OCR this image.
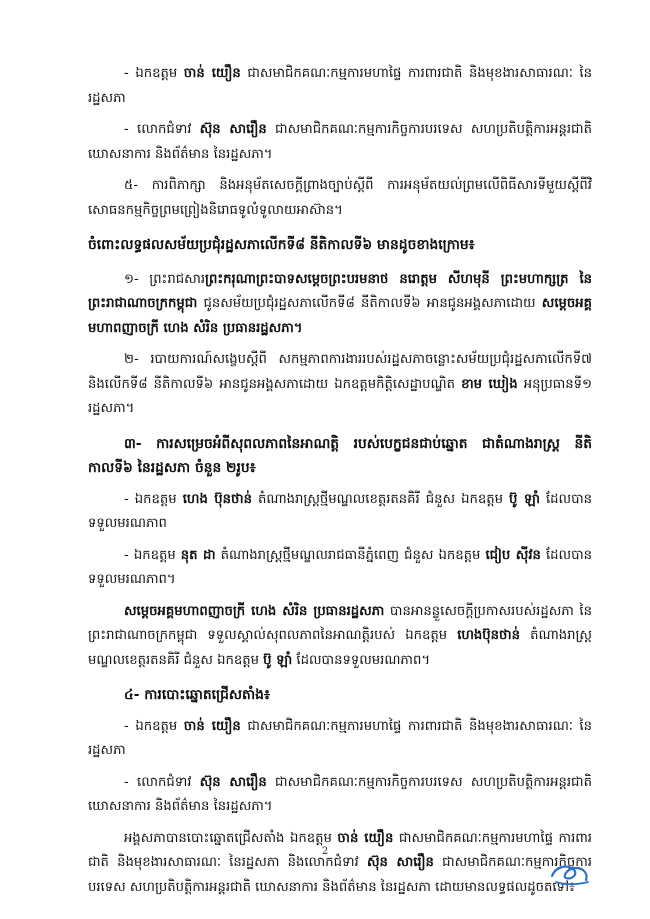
- ឯកឧត្តម ចាន់ យឿន ជាសមាជិកគណៈកម្មការមហាផ្ទៃ ការពារជាតិ និងមុខងារសាធារណៈ នៃរដ្ឋសភា

- លោកជំទាវ ស៊ុន សារឿន ជាសមាជិកគណៈកម្មការកិច្ចការបរទេស សហប្រតិបត្តិការអន្តរជាតិ ឃោសនាការ និងព័ត៌មាន នៃរដ្ឋសភា។

៥- ការពិភាក្សា និងអនុម័តសេចក្តីព្រាងច្បាប់ស្តីពី ការអនុម័តយល់ព្រមលើពិធីសារទីមួយស្តីពីវិសោធនកម្មកិច្ចព្រមព្រៀងនិរោធទូលំទូលាយអាស៊ាន។

ចំពោះលទ្ធផលសម័យប្រជុំរដ្ឋសភាលើកទី៨ នីតិកាលទី៦ មានដូចខាងក្រោម៖

១- ព្រះរាជសារព្រះករុណាព្រះបាទសម្តេចព្រះបរមនាថ នរោត្តម សីហមុនី ព្រះមហាក្សត្រ នៃព្រះរាជាណាចក្រកម្ពុជា ជូនសម័យប្រជុំរដ្ឋសភាលើកទី៨ នីតិកាលទី៦ អានជូនអង្គសភាដោយ សម្តេចអគ្គមហាពញាចក្រី ហេង សំរិន ប្រធានរដ្ឋសភា។

២- របាយការណ៍សង្ខេបស្តីពី សកម្មភាពការងាររបស់រដ្ឋសភាចន្លោះសម័យប្រជុំរដ្ឋសភាលើកទី៧ និងលើកទី៨ នីតិកាលទី៦ អានជូនអង្គសភាដោយ ឯកឧត្តមកិត្តិសេដ្ឋាបណ្ឌិត ខាម ឃៀង អនុប្រធានទី១ រដ្ឋសភា។

៣- ការសម្រេចអំពីសុពលភាពនៃអាណត្តិ របស់បេក្ខជនជាប់ឆ្នោត ជាតំណាងរាស្ត្រ នីតិកាលទី៦ នៃរដ្ឋសភា ចំនួន ២រូប៖

- ឯកឧត្តម ហេង ប៊ុនថាន់ តំណាងរាស្ត្រថ្មីមណ្ឌលខេត្តរតនគិរី ជំនួស ឯកឧត្តម ប៊ូ ឡាំ ដែលបានទទួលមរណភាព

- ឯកឧត្តម នុត ដា តំណាងរាស្ត្រថ្មីមណ្ឌលរាជធានីភ្នំពេញ ជំនួស ឯកឧត្តម ជៀប ស៊ីវន ដែលបានទទួលមរណភាព។

សម្តេចអគ្គមហាពញាចក្រី ហេង សំរិន ប្រធានរដ្ឋសភា បានអានន្លួសេចក្តីប្រកាសរបស់រដ្ឋសភា នៃព្រះរាជាណាចក្រកម្ពុជា ទទួលស្គាល់សុពលភាពនៃអាណត្តិរបស់ ឯកឧត្តម ហេងប៊ុនថាន់ តំណាងរាស្ត្រមណ្ឌលខេត្តរតនគិរី ជំនួស ឯកឧត្តម ប៊ូ ឡាំ ដែលបានទទួលមរណភាព។

៤- ការបោះឆ្នោតជ្រើសតាំង៖

- ឯកឧត្តម ចាន់ យឿន ជាសមាជិកគណៈកម្មការមហាផ្ទៃ ការពារជាតិ និងមុខងារសាធារណៈ នៃរដ្ឋសភា

- លោកជំទាវ ស៊ុន សារឿន ជាសមាជិកគណៈកម្មការកិច្ចការបរទេស សហប្រតិបត្តិការអន្តរជាតិ ឃោសនាការ និងព័ត៌មាន នៃរដ្ឋសភា។

អង្គសភាបានបោះឆ្នោតជ្រើសតាំង ឯកឧត្តម ចាន់ យឿន ជាសមាជិកគណៈកម្មការមហាផ្ទៃ ការពារជាតិ និងមុខងារសាធារណៈ នៃរដ្ឋសភា និងលោកជំទាវ ស៊ុន សារឿន ជាសមាជិកគណៈកម្មការកិច្ចការបរទេស សហប្រតិបត្តិការអន្តរជាតិ ឃោសនាការ និងព័ត៌មាន នៃរដ្ឋសភា ដោយមានលទ្ធផលដូចតទៅ៖

2
